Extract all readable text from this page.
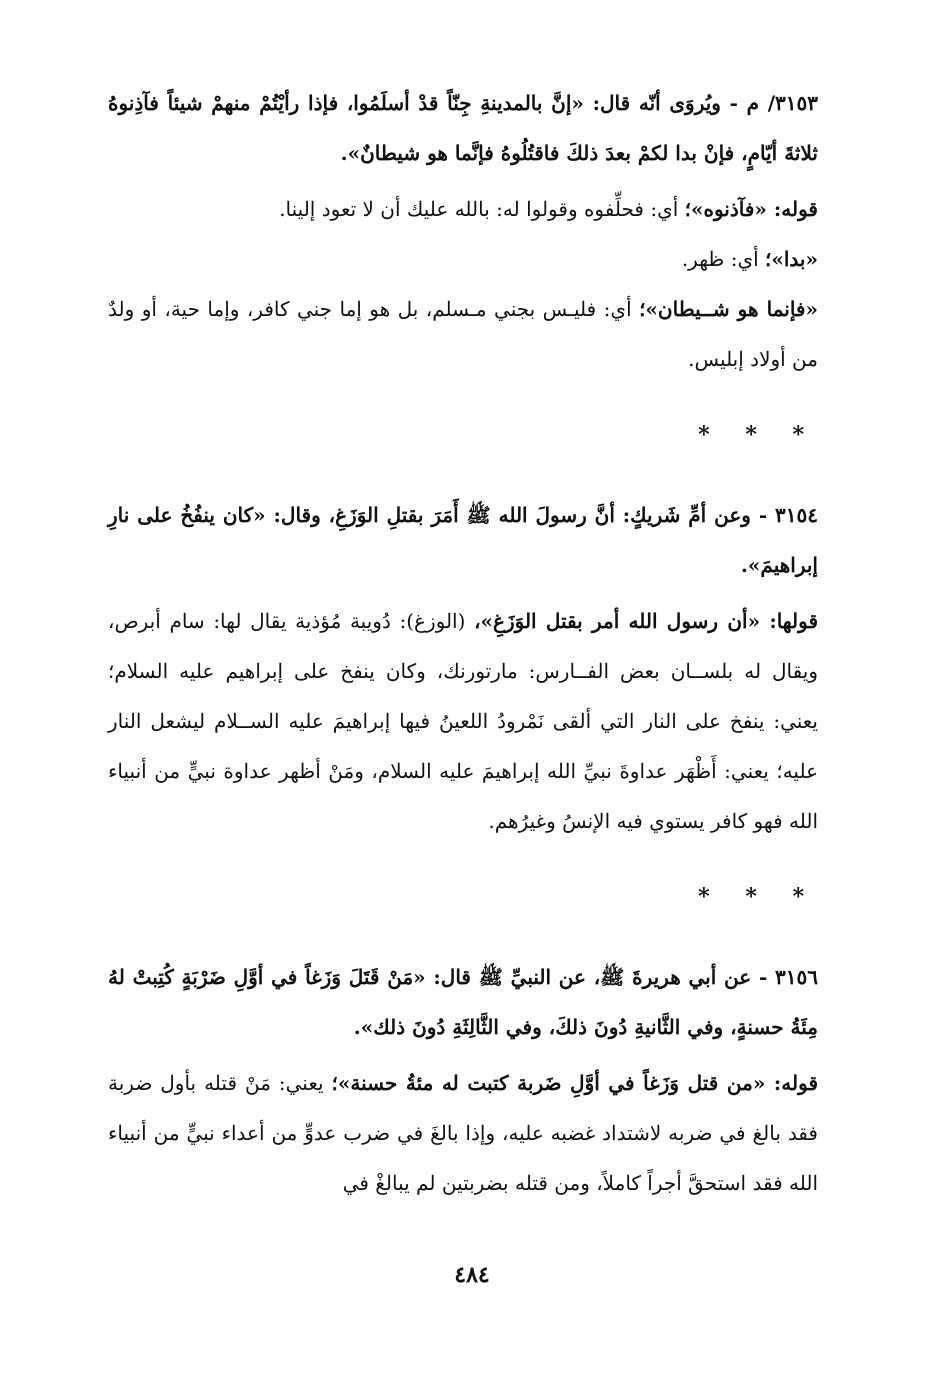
٣١٥٣/ م - ويُروَى أنّه قال: «إنَّ بالمدينةِ جِنّاً قدْ أسلَمُوا، فإذا رأيْتُمْ منهمْ شيئاً فآذِنوهُ ثلاثةَ أيّامٍ، فإنْ بدا لكمْ بعدَ ذلكَ فاقتُلُوهُ فإنَّما هو شيطانٌ».

قوله: «فآذنوه»؛ أي: فحلِّفوه وقولوا له: بالله عليك أن لا تعود إلينا.

«بدا»؛ أي: ظهر.

«فإنما هو شــيطان»؛ أي: فليـس بجني مـسلم، بل هو إما جني كافر، وإما حية، أو ولدٌ من أولاد إبليس.

* * *

٣١٥٤ - وعن أمِّ شَريكٍ: أنَّ رسولَ الله ﷺ أَمَرَ بقتلِ الوَزَغِ، وقال: «كان ينفُخُ على نارِ إبراهيمَ».

قولها: «أن رسول الله أمر بقتل الوَزَغِ»، (الوزغ): دُويبة مُؤذية يقال لها: سام أبرص، ويقال له بلســان بعض الفــارس: مارتورنك، وكان ينفخ على إبراهيم عليه السلام؛ يعني: ينفخ على النار التي ألقى نَمْرودُ اللعينُ فيها إبراهيمَ عليه الســلام ليشعل النار عليه؛ يعني: أَظْهَر عداوةَ نبيِّ الله إبراهيمَ عليه السلام، ومَنْ أظهر عداوة نبيٍّ من أنبياء الله فهو كافر يستوي فيه الإنسُ وغيرُهم.

* * *

٣١٥٦ - عن أبي هريرةَ ﷺ، عن النبيِّ ﷺ قال: «مَنْ قَتَلَ وَزَغاً في أوَّلِ ضَرْبَةٍ كُتِبتْ لهُ مِئَةُ حسنةٍ، وفي الثَّانيةِ دُونَ ذلكَ، وفي الثَّالِثَةِ دُونَ ذلك».

قوله: «من قتل وَزَغاً في أوَّلِ ضَربة كتبت له مئةُ حسنة»؛ يعني: مَنْ قتله بأول ضربة فقد بالغ في ضربه لاشتداد غضبه عليه، وإذا بالغَ في ضرب عدوٍّ من أعداء نبيٍّ من أنبياء الله فقد استحقَّ أجراً كاملاً، ومن قتله بضربتين لم يبالغْ في

٤٨٤
